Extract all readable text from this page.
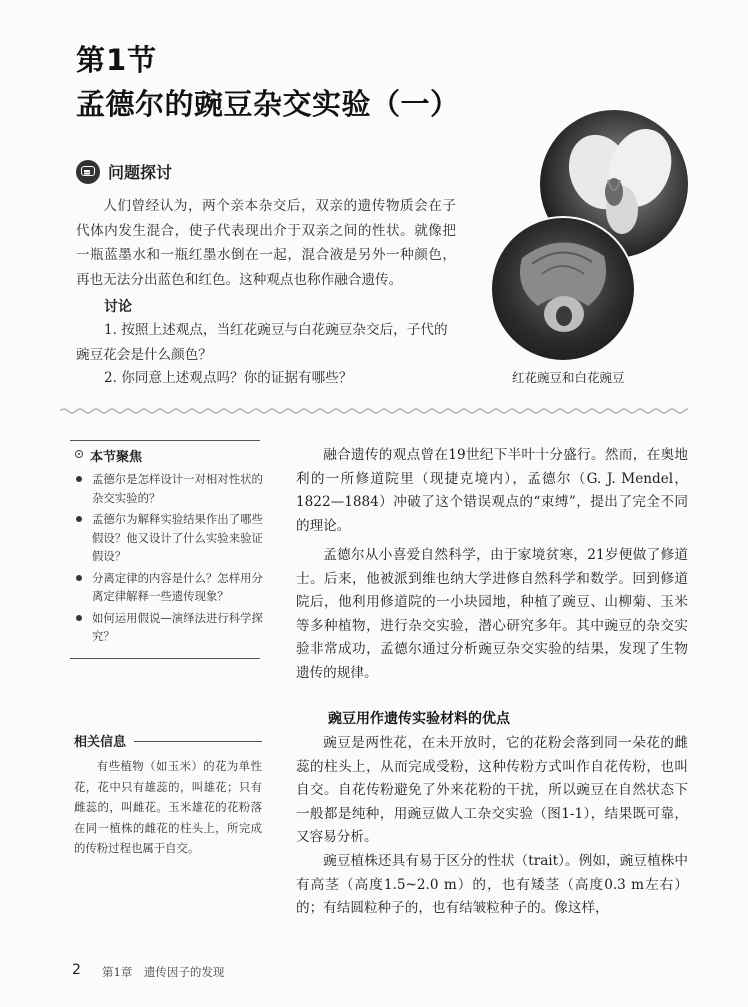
第1节
孟德尔的豌豆杂交实验（一）
问题探讨
人们曾经认为，两个亲本杂交后，双亲的遗传物质会在子代体内发生混合，使子代表现出介于双亲之间的性状。就像把一瓶蓝墨水和一瓶红墨水倒在一起，混合液是另外一种颜色，再也无法分出蓝色和红色。这种观点也称作融合遗传。
讨论
1. 按照上述观点，当红花豌豆与白花豌豆杂交后，子代的豌豆花会是什么颜色？
2. 你同意上述观点吗？你的证据有哪些？	红花豌豆和白花豌豆
本节聚焦
孟德尔是怎样设计一对相对性状的杂交实验的？
孟德尔为解释实验结果作出了哪些假设？他又设计了什么实验来验证假设？
分离定律的内容是什么？怎样用分离定律解释一些遗传现象？
如何运用假说—演绎法进行科学探究？
相关信息
有些植物（如玉米）的花为单性花，花中只有雄蕊的，叫雄花；只有雌蕊的，叫雌花。玉米雄花的花粉落在同一植株的雌花的柱头上，所完成的传粉过程也属于自交。
融合遗传的观点曾在19世纪下半叶十分盛行。然而，在奥地利的一所修道院里（现捷克境内），孟德尔（G. J. Mendel，1822—1884）冲破了这个错误观点的“束缚”，提出了完全不同的理论。
孟德尔从小喜爱自然科学，由于家境贫寒，21岁便做了修道士。后来，他被派到维也纳大学进修自然科学和数学。回到修道院后，他利用修道院的一小块园地，种植了豌豆、山柳菊、玉米等多种植物，进行杂交实验，潜心研究多年。其中豌豆的杂交实验非常成功，孟德尔通过分析豌豆杂交实验的结果，发现了生物遗传的规律。
豌豆用作遗传实验材料的优点
豌豆是两性花，在未开放时，它的花粉会落到同一朵花的雌蕊的柱头上，从而完成受粉，这种传粉方式叫作自花传粉，也叫自交。自花传粉避免了外来花粉的干扰，所以豌豆在自然状态下一般都是纯种，用豌豆做人工杂交实验（图1-1），结果既可靠，又容易分析。
豌豆植株还具有易于区分的性状（trait）。例如，豌豆植株中有高茎（高度1.5~2.0 m）的，也有矮茎（高度0.3 m左右）的；有结圆粒种子的，也有结皱粒种子的。像这样，
2 第1章　遗传因子的发现
